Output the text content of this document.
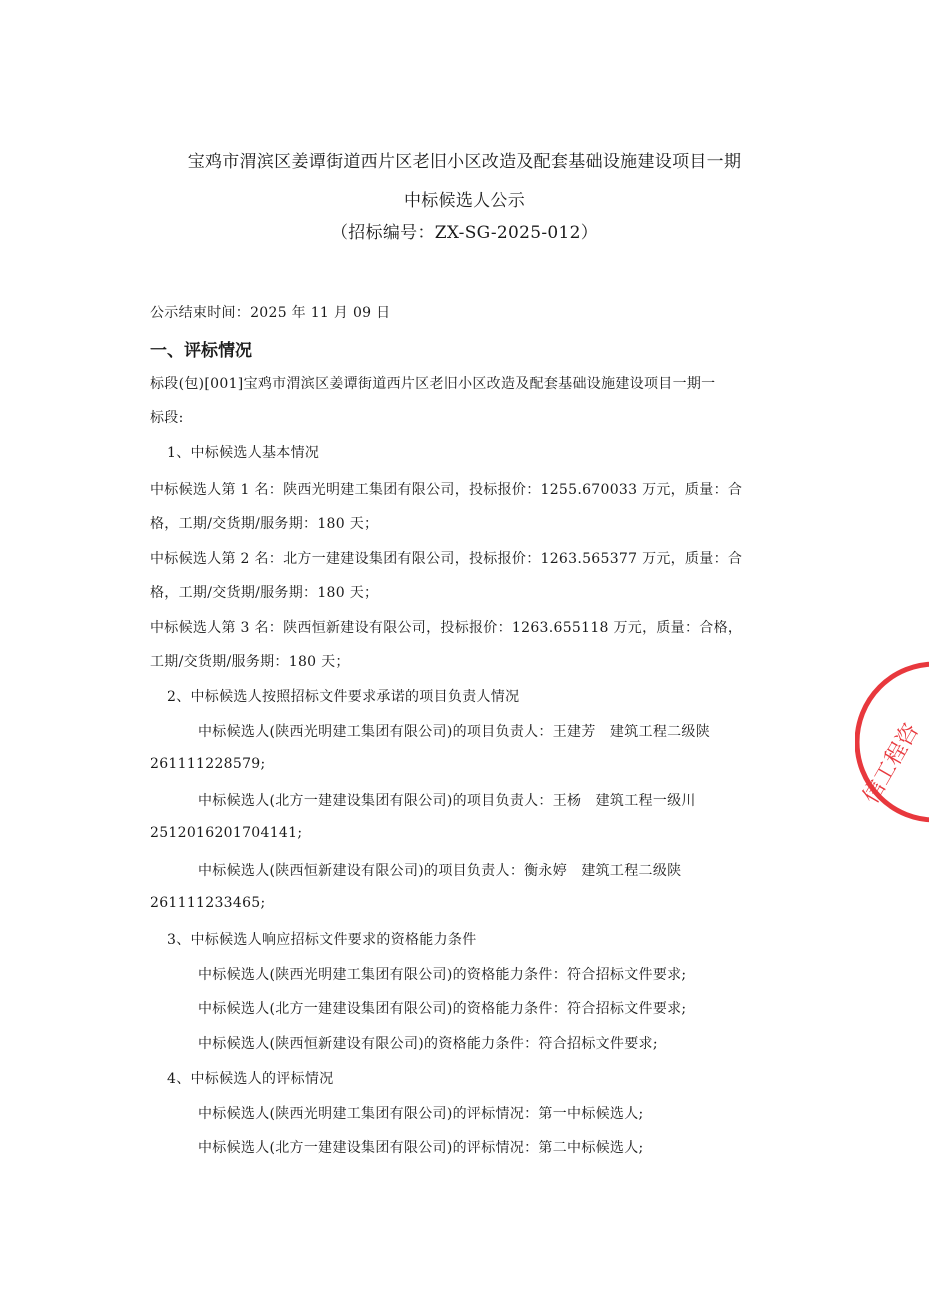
宝鸡市渭滨区姜谭街道西片区老旧小区改造及配套基础设施建设项目一期
中标候选人公示
（招标编号：ZX-SG-2025-012）
公示结束时间：2025 年 11 月 09 日
一、评标情况
标段(包)[001]宝鸡市渭滨区姜谭街道西片区老旧小区改造及配套基础设施建设项目一期一
标段:
1、中标候选人基本情况
中标候选人第 1 名：陕西光明建工集团有限公司，投标报价：1255.670033 万元，质量：合
格，工期/交货期/服务期：180 天；
中标候选人第 2 名：北方一建建设集团有限公司，投标报价：1263.565377 万元，质量：合
格，工期/交货期/服务期：180 天；
中标候选人第 3 名：陕西恒新建设有限公司，投标报价：1263.655118 万元，质量：合格，
工期/交货期/服务期：180 天；
2、中标候选人按照招标文件要求承诺的项目负责人情况
中标候选人(陕西光明建工集团有限公司)的项目负责人：王建芳　建筑工程二级陕
261111228579;
中标候选人(北方一建建设集团有限公司)的项目负责人：王杨　建筑工程一级川
2512016201704141;
中标候选人(陕西恒新建设有限公司)的项目负责人：衡永婷　建筑工程二级陕
261111233465;
3、中标候选人响应招标文件要求的资格能力条件
中标候选人(陕西光明建工集团有限公司)的资格能力条件：符合招标文件要求;
中标候选人(北方一建建设集团有限公司)的资格能力条件：符合招标文件要求;
中标候选人(陕西恒新建设有限公司)的资格能力条件：符合招标文件要求;
4、中标候选人的评标情况
中标候选人(陕西光明建工集团有限公司)的评标情况：第一中标候选人;
中标候选人(北方一建建设集团有限公司)的评标情况：第二中标候选人;
信工程咨
